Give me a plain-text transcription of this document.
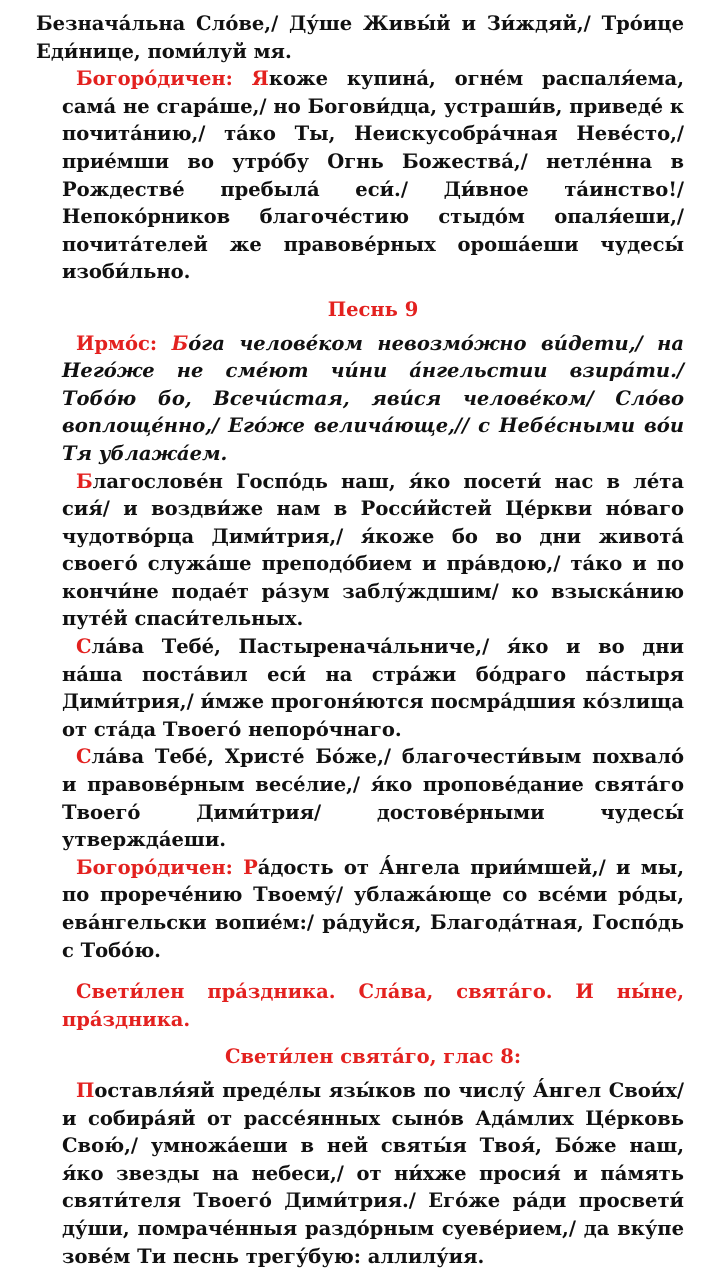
Безнача́льна Сло́ве,/ Ду́ше Живы́й и Зи́ждяй,/ Тро́ице Еди́нице, поми́луй мя.

Богоро́дичен: Якоже купина́, огне́м распаля́ема, сама́ не сгара́ше,/ но Богови́дца, устраши́в, приведе́ к почита́нию,/ та́ко Ты, Неискусобра́чная Неве́сто,/ прие́мши во утро́бу Огнь Божества́,/ нетле́нна в Рождестве́ пребыла́ еси́./ Ди́вное та́инство!/ Непоко́рников благоче́стию стыдо́м опаля́еши,/ почита́телей же правове́рных ороша́еши чудесы́ изоби́льно.

Песнь 9

Ирмо́с: Бо́га челове́ком невозмо́жно ви́дети,/ на Него́же не сме́ют чи́ни а́нгельстии взира́ти./ Тобо́ю бо, Всечи́стая, яви́ся челове́ком/ Сло́во воплоще́нно,/ Его́же велича́юще,// с Небе́сными во́и Тя ублажа́ем.

Благослове́н Госпо́дь наш, я́ко посети́ нас в ле́та сия́/ и воздви́же нам в Росси́йстей Це́ркви но́ваго чудотво́рца Дими́трия,/ я́коже бо во дни живота́ своего́ служа́ше преподо́бием и пра́вдою,/ та́ко и по кончи́не подае́т ра́зум заблу́ждшим/ ко взыска́нию путе́й спаси́тельных.

Сла́ва Тебе́, Пастыренача́льниче,/ я́ко и во дни на́ша поста́вил еси́ на стра́жи бо́драго па́стыря Дими́трия,/ и́мже прогоня́ются посмра́дшия ко́злища от ста́да Твоего́ непоро́чнаго.

Сла́ва Тебе́, Христе́ Бо́же,/ благочести́вым похвало́ и правове́рным весе́лие,/ я́ко пропове́дание свята́го Твоего́ Дими́трия/ достове́рными чудесы́ утвержда́еши.

Богоро́дичен: Ра́дость от А́нгела прии́мшей,/ и мы, по прорече́нию Твоему́/ ублажа́юще со все́ми ро́ды, ева́нгельски вопие́м:/ ра́дуйся, Благода́тная, Госпо́дь с Тобо́ю.

Свети́лен пра́здника. Сла́ва, свята́го. И ны́не, пра́здника.

Свети́лен свята́го, глас 8:

Поставля́яй преде́лы язы́ков по числу́ А́нгел Свои́х/ и собира́яй от рассе́янных сыно́в Ада́млих Це́рковь Свою́,/ умножа́еши в ней святы́я Твоя́, Бо́же наш, я́ко звезды на небеси,/ от ни́хже просия́ и па́мять святи́теля Твоего́ Дими́трия./ Его́же ра́ди просвети́ ду́ши, помраче́нныя раздо́рным суеве́рием,/ да вку́пе зове́м Ти песнь трегу́бую: аллилу́ия.
